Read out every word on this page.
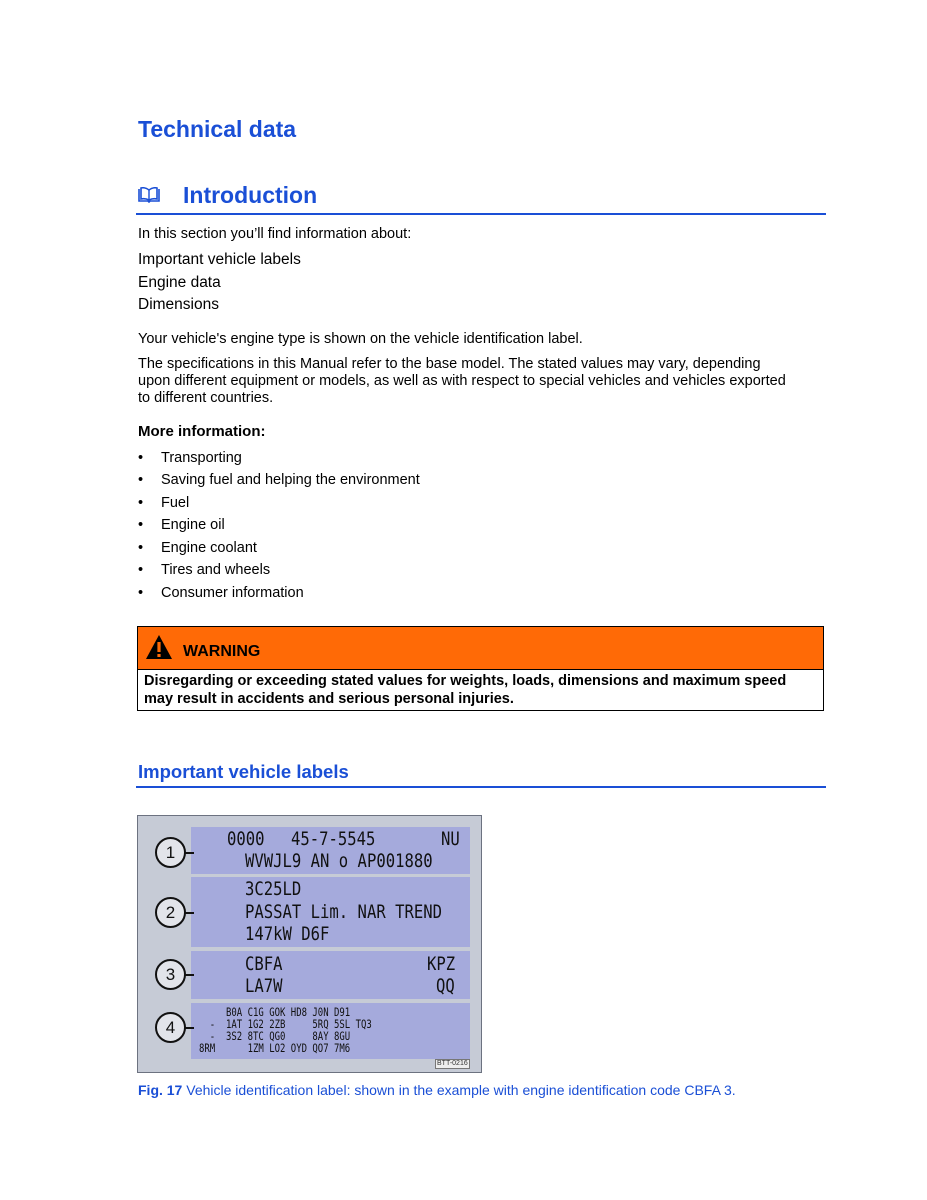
Technical data
Introduction
In this section you’ll find information about:
Important vehicle labels
Engine data
Dimensions
Your vehicle's engine type is shown on the vehicle identification label.
The specifications in this Manual refer to the base model. The stated values may vary, depending
upon different equipment or models, as well as with respect to special vehicles and vehicles exported
to different countries.
More information:
• Transporting
• Saving fuel and helping the environment
• Fuel
• Engine oil
• Engine coolant
• Tires and wheels
• Consumer information
WARNING
Disregarding or exceeding stated values for weights, loads, dimensions and maximum speed
may result in accidents and serious personal injuries.
Important vehicle labels
0000 45-7-5545	NU
WVWJL9 AN o AP001880
3C25LD
PASSAT Lim. NAR TREND
147kW D6F
CBFA	KPZ
LA7W	QQ
B0A C1G GOK HD8 J0N D91
-  1AT 1G2 2ZB     5RQ 5SL TQ3
-  3S2 8TC QG0     8AY 8GU
8RM      1ZM LO2 OYD QO7 7M6
1
2
3
4
BTT-0216
Fig. 17 Vehicle identification label: shown in the example with engine identification code CBFA 3.
